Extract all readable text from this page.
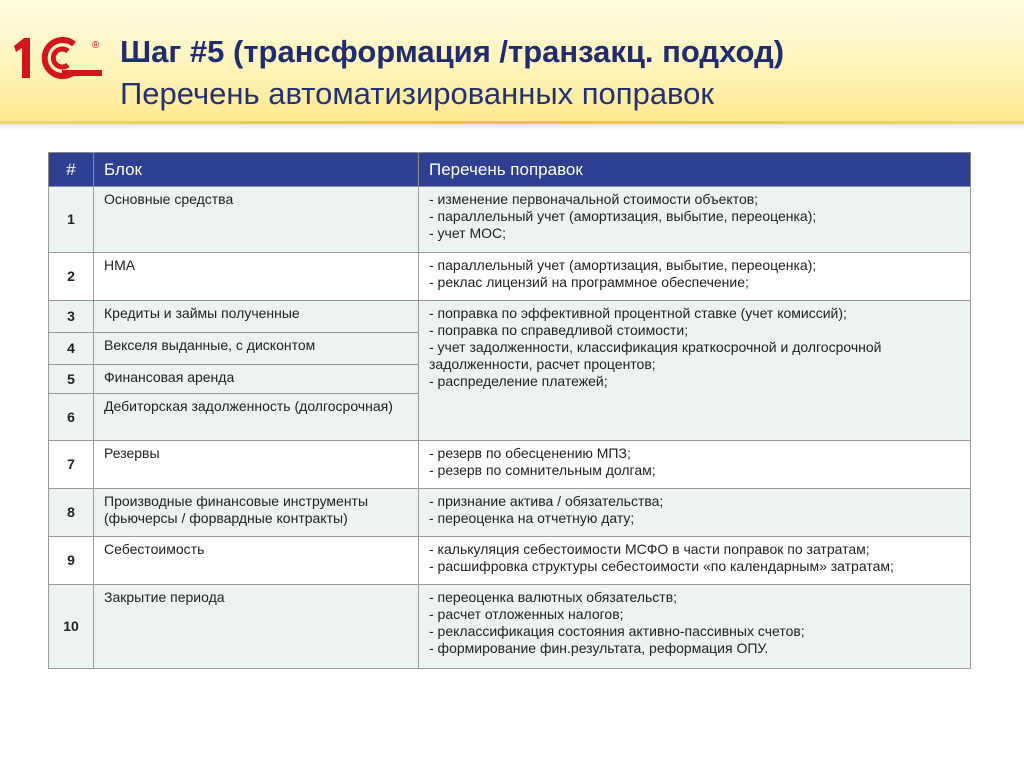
® Шаг #5 (трансформация /транзакц. подход)
Перечень автоматизированных поправок
#	Блок	Перечень поправок
1	Основные средства	- изменение первоначальной стоимости объектов;
- параллельный учет (амортизация, выбытие, переоценка);
- учет МОС;

2	НМА	- параллельный учет (амортизация, выбытие, переоценка);
- реклас лицензий на программное обеспечение;

3	Кредиты и займы полученные	- поправка по эффективной процентной ставке (учет комиссий);
- поправка по справедливой стоимости;
- учет задолженности, классификация краткосрочной и долгосрочной
задолженности, расчет процентов;
- распределение платежей;

4	Векселя выданные, с дисконтом	
5	Финансовая аренда	
6	Дебиторская задолженность (долгосрочная)	
7	Резервы	- резерв по обесценению МПЗ;
- резерв по сомнительным долгам;

8	Производные финансовые инструменты (фьючерсы / форвардные контракты)	- признание актива / обязательства;
- переоценка на отчетную дату;

9	Себестоимость	- калькуляция себестоимости МСФО в части поправок по затратам;
- расшифровка структуры себестоимости «по календарным» затратам;

10	Закрытие периода	- переоценка валютных обязательств;
- расчет отложенных налогов;
- реклассификация состояния активно-пассивных счетов;
- формирование фин.результата, реформация ОПУ.
